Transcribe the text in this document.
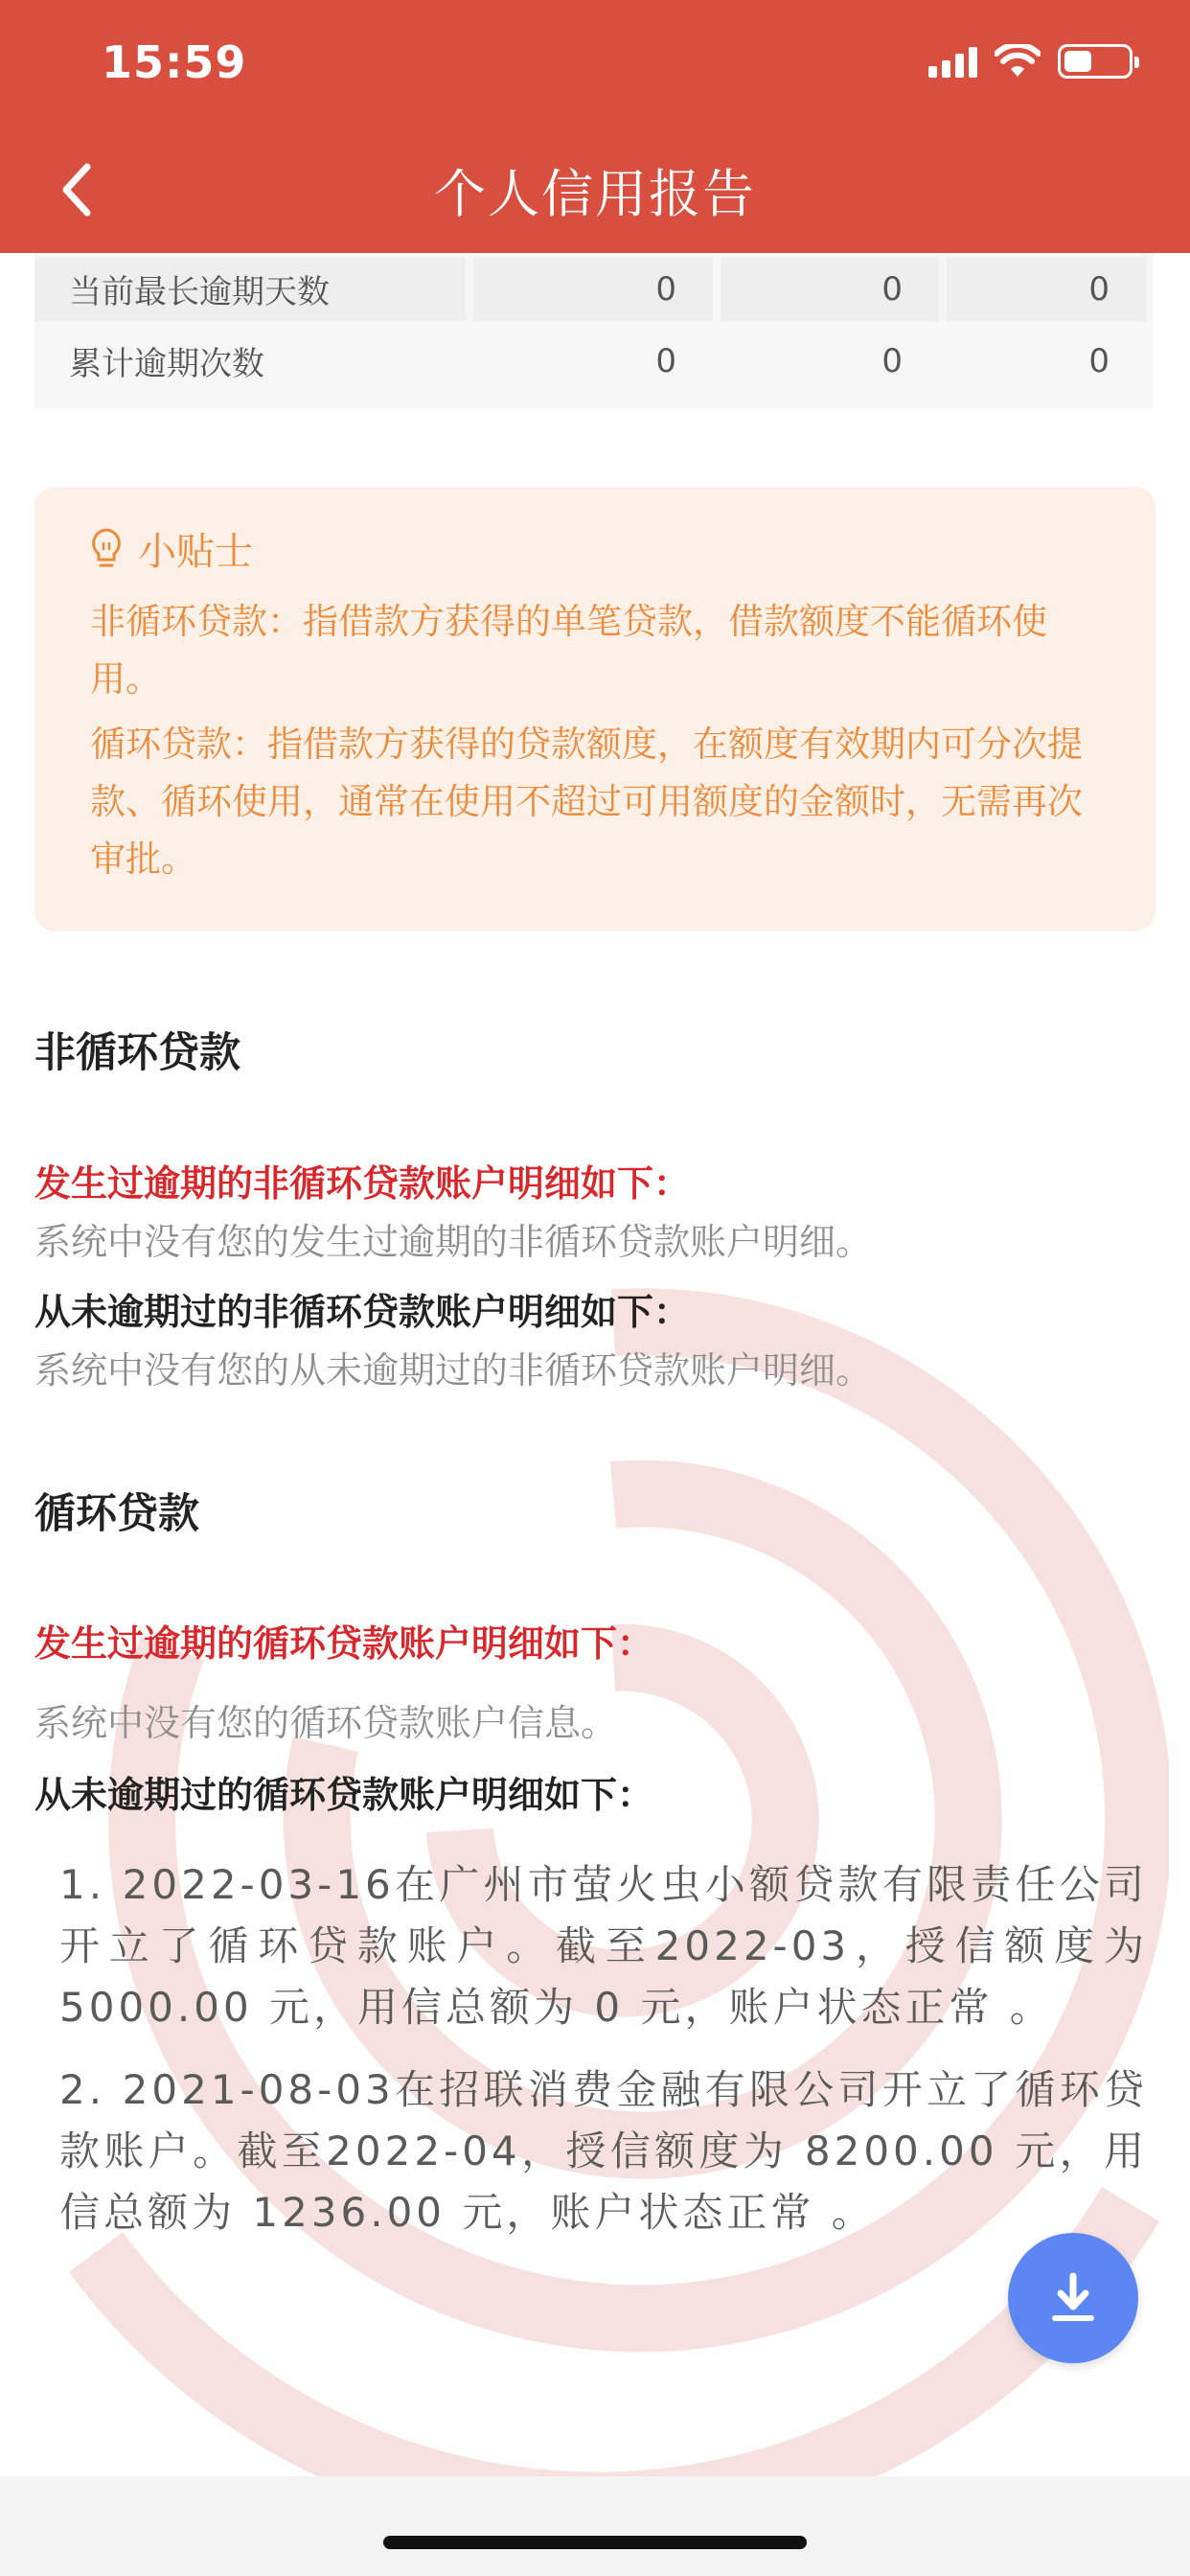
15:59
个人信用报告
当前最长逾期天数	0	0	0
累计逾期次数	0	0	0
小贴士
非循环贷款：指借款方获得的单笔贷款，借款额度不能循环使用。
循环贷款：指借款方获得的贷款额度，在额度有效期内可分次提款、循环使用，通常在使用不超过可用额度的金额时，无需再次审批。
非循环贷款
发生过逾期的非循环贷款账户明细如下：
系统中没有您的发生过逾期的非循环贷款账户明细。
从未逾期过的非循环贷款账户明细如下：
系统中没有您的从未逾期过的非循环贷款账户明细。
循环贷款
发生过逾期的循环贷款账户明细如下：
系统中没有您的循环贷款账户信息。
从未逾期过的循环贷款账户明细如下：
1. 2022-03-16在广州市萤火虫小额贷款有限责任公司开立了循环贷款账户。截至2022-03，授信额度为 5000.00 元，用信总额为 0 元，账户状态正常 。
2. 2021-08-03在招联消费金融有限公司开立了循环贷款账户。截至2022-04，授信额度为 8200.00 元，用信总额为 1236.00 元，账户状态正常 。
